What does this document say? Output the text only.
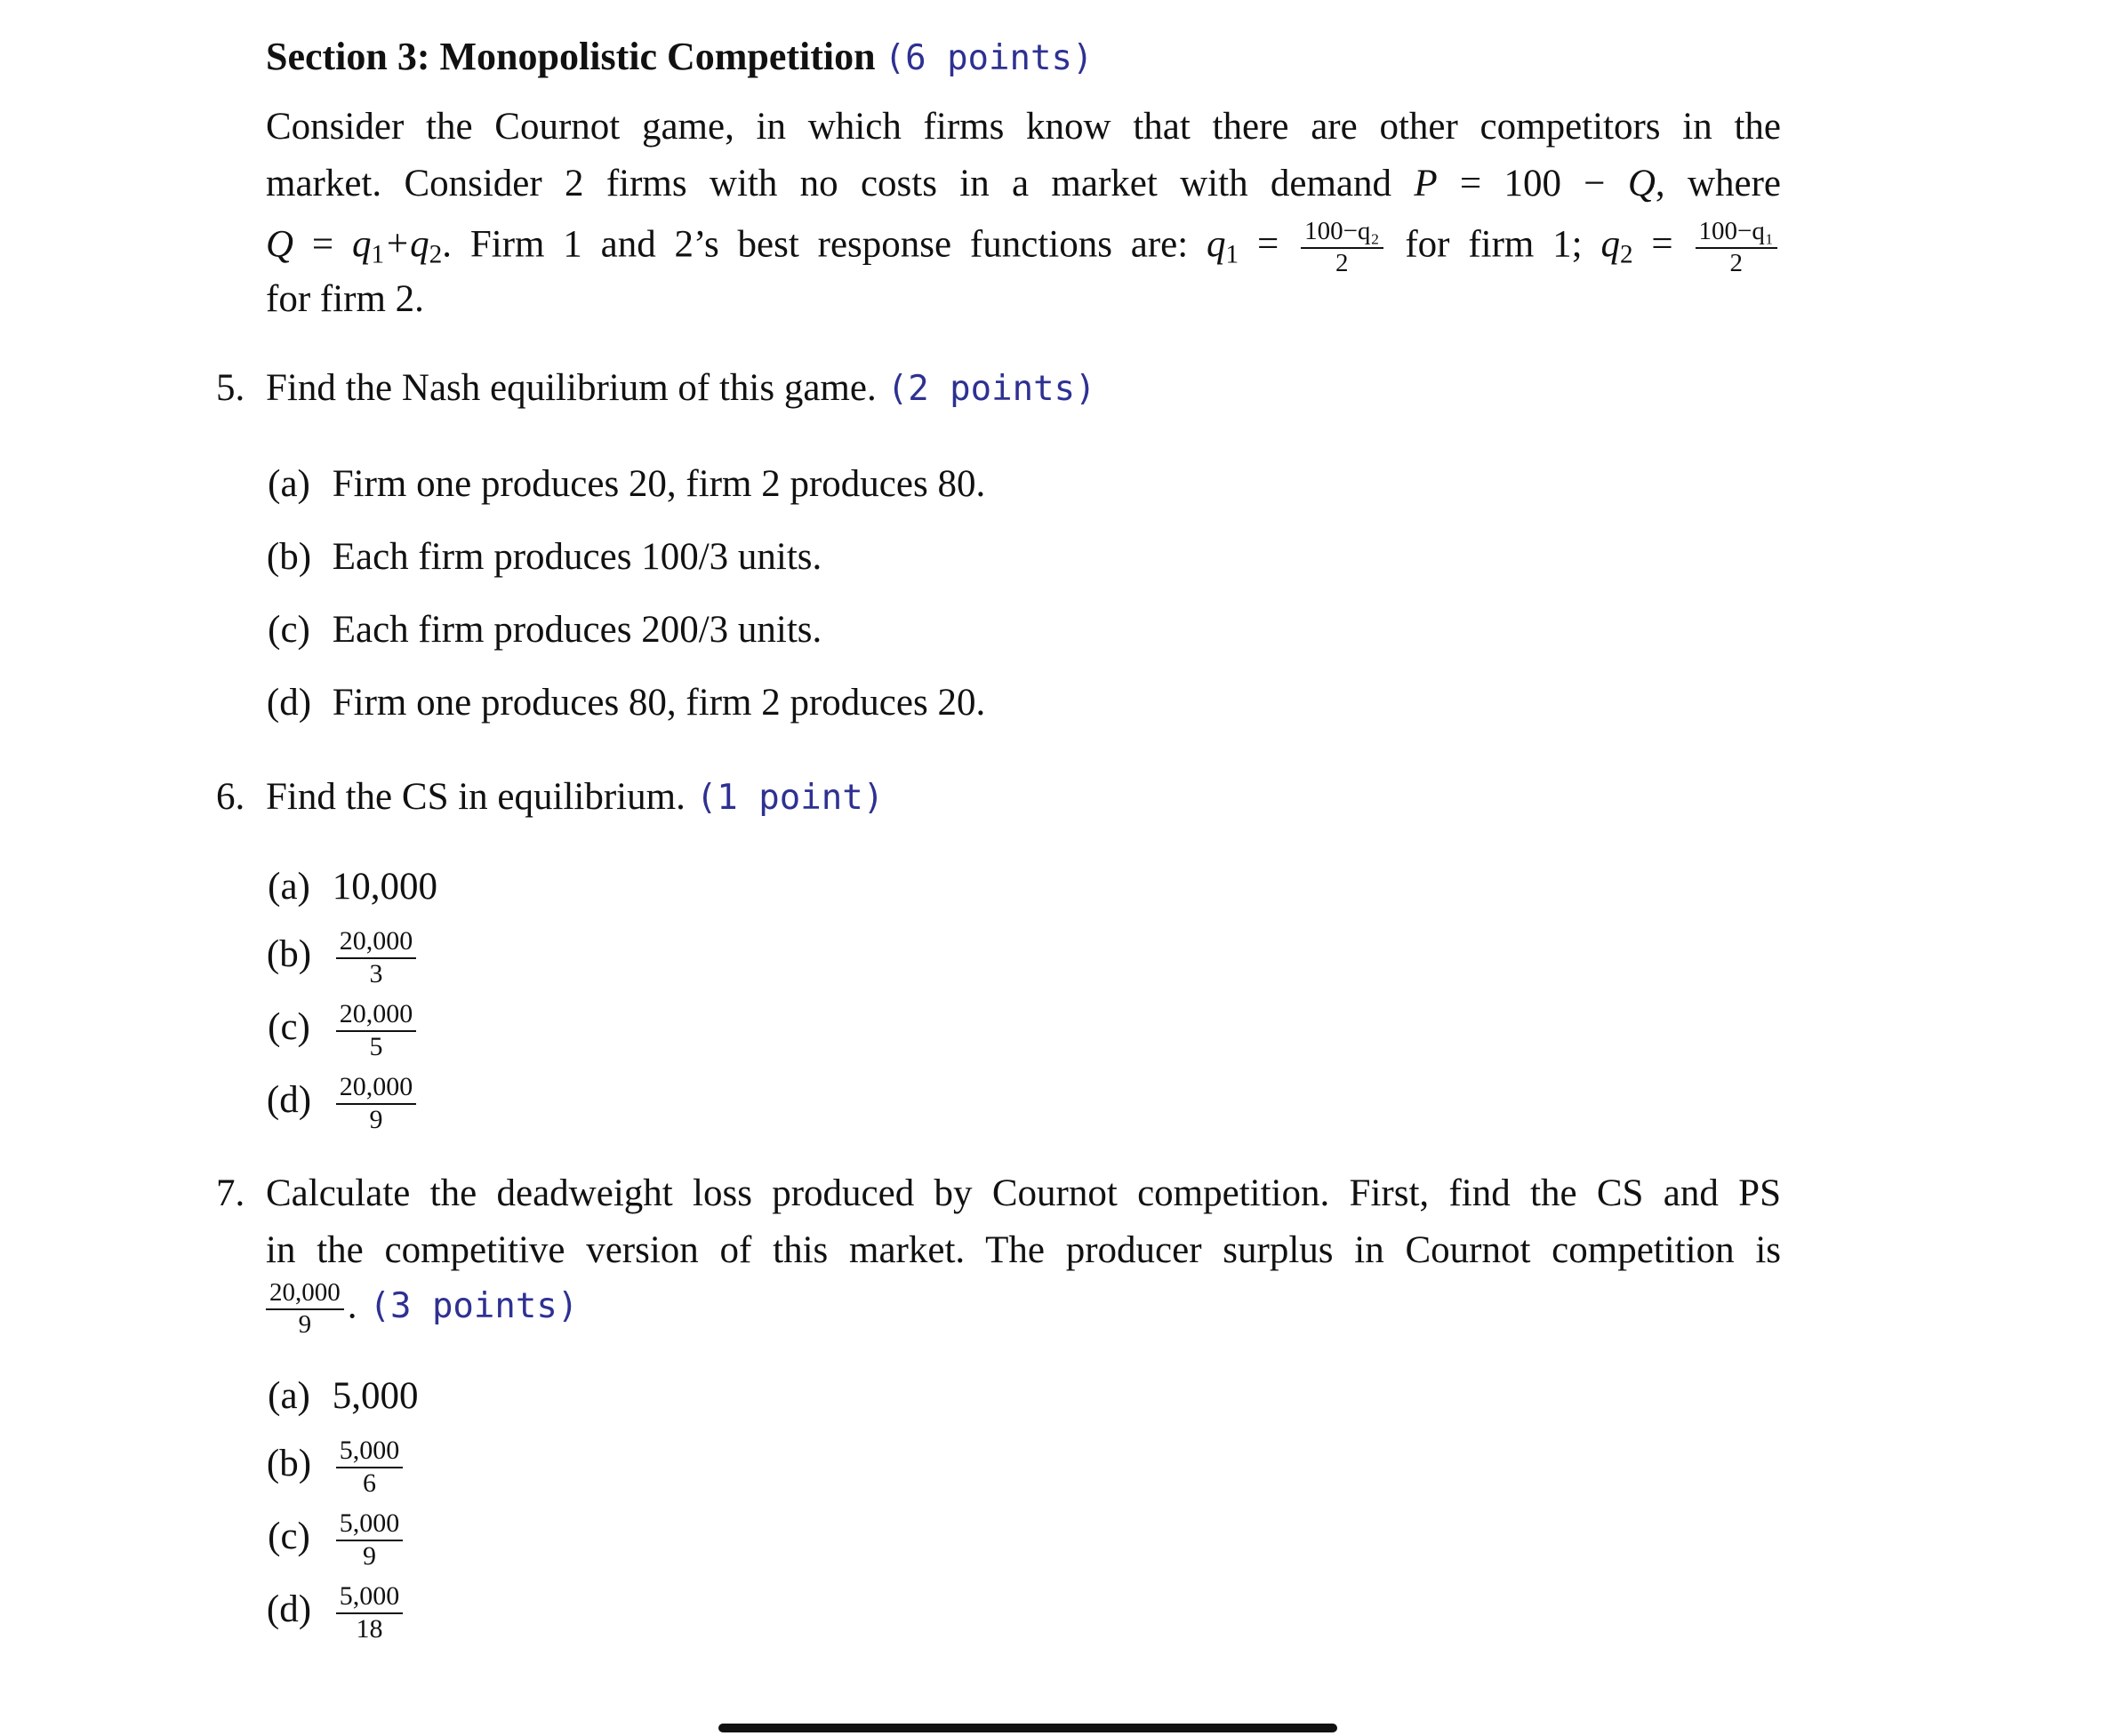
Section 3: Monopolistic Competition (6 points)
Consider the Cournot game, in which firms know that there are other competitors in the
market. Consider 2 firms with no costs in a market with demand P = 100 − Q, where
$Q = q_1+q_2$. Firm 1 and 2’s best response functions are: $q_1 = \frac{\text{100−q₂}}{2}$ for firm 1; $q_2 = \frac{\text{100−q₁}}{2}$
for firm 2.
5. Find the Nash equilibrium of this game. (2 points)
(a) Firm one produces 20, firm 2 produces 80.
(b) Each firm produces 100/3 units.
(c) Each firm produces 200/3 units.
(d) Firm one produces 80, firm 2 produces 20.
6. Find the CS in equilibrium. (1 point)
(a) 10,000
$(b) \frac{20,000}{3}$
$(c) \frac{20,000}{5}$
$(d) \frac{20,000}{9}$
7. Calculate the deadweight loss produced by Cournot competition. First, find the CS and PS
in the competitive version of this market. The producer surplus in Cournot competition is
$\frac{20,000}{9}$ . (3 points)
(a) 5,000
$(b) \frac{5,000}{6}$
$(c) \frac{5,000}{9}$
$(d) \frac{5,000}{18}$
